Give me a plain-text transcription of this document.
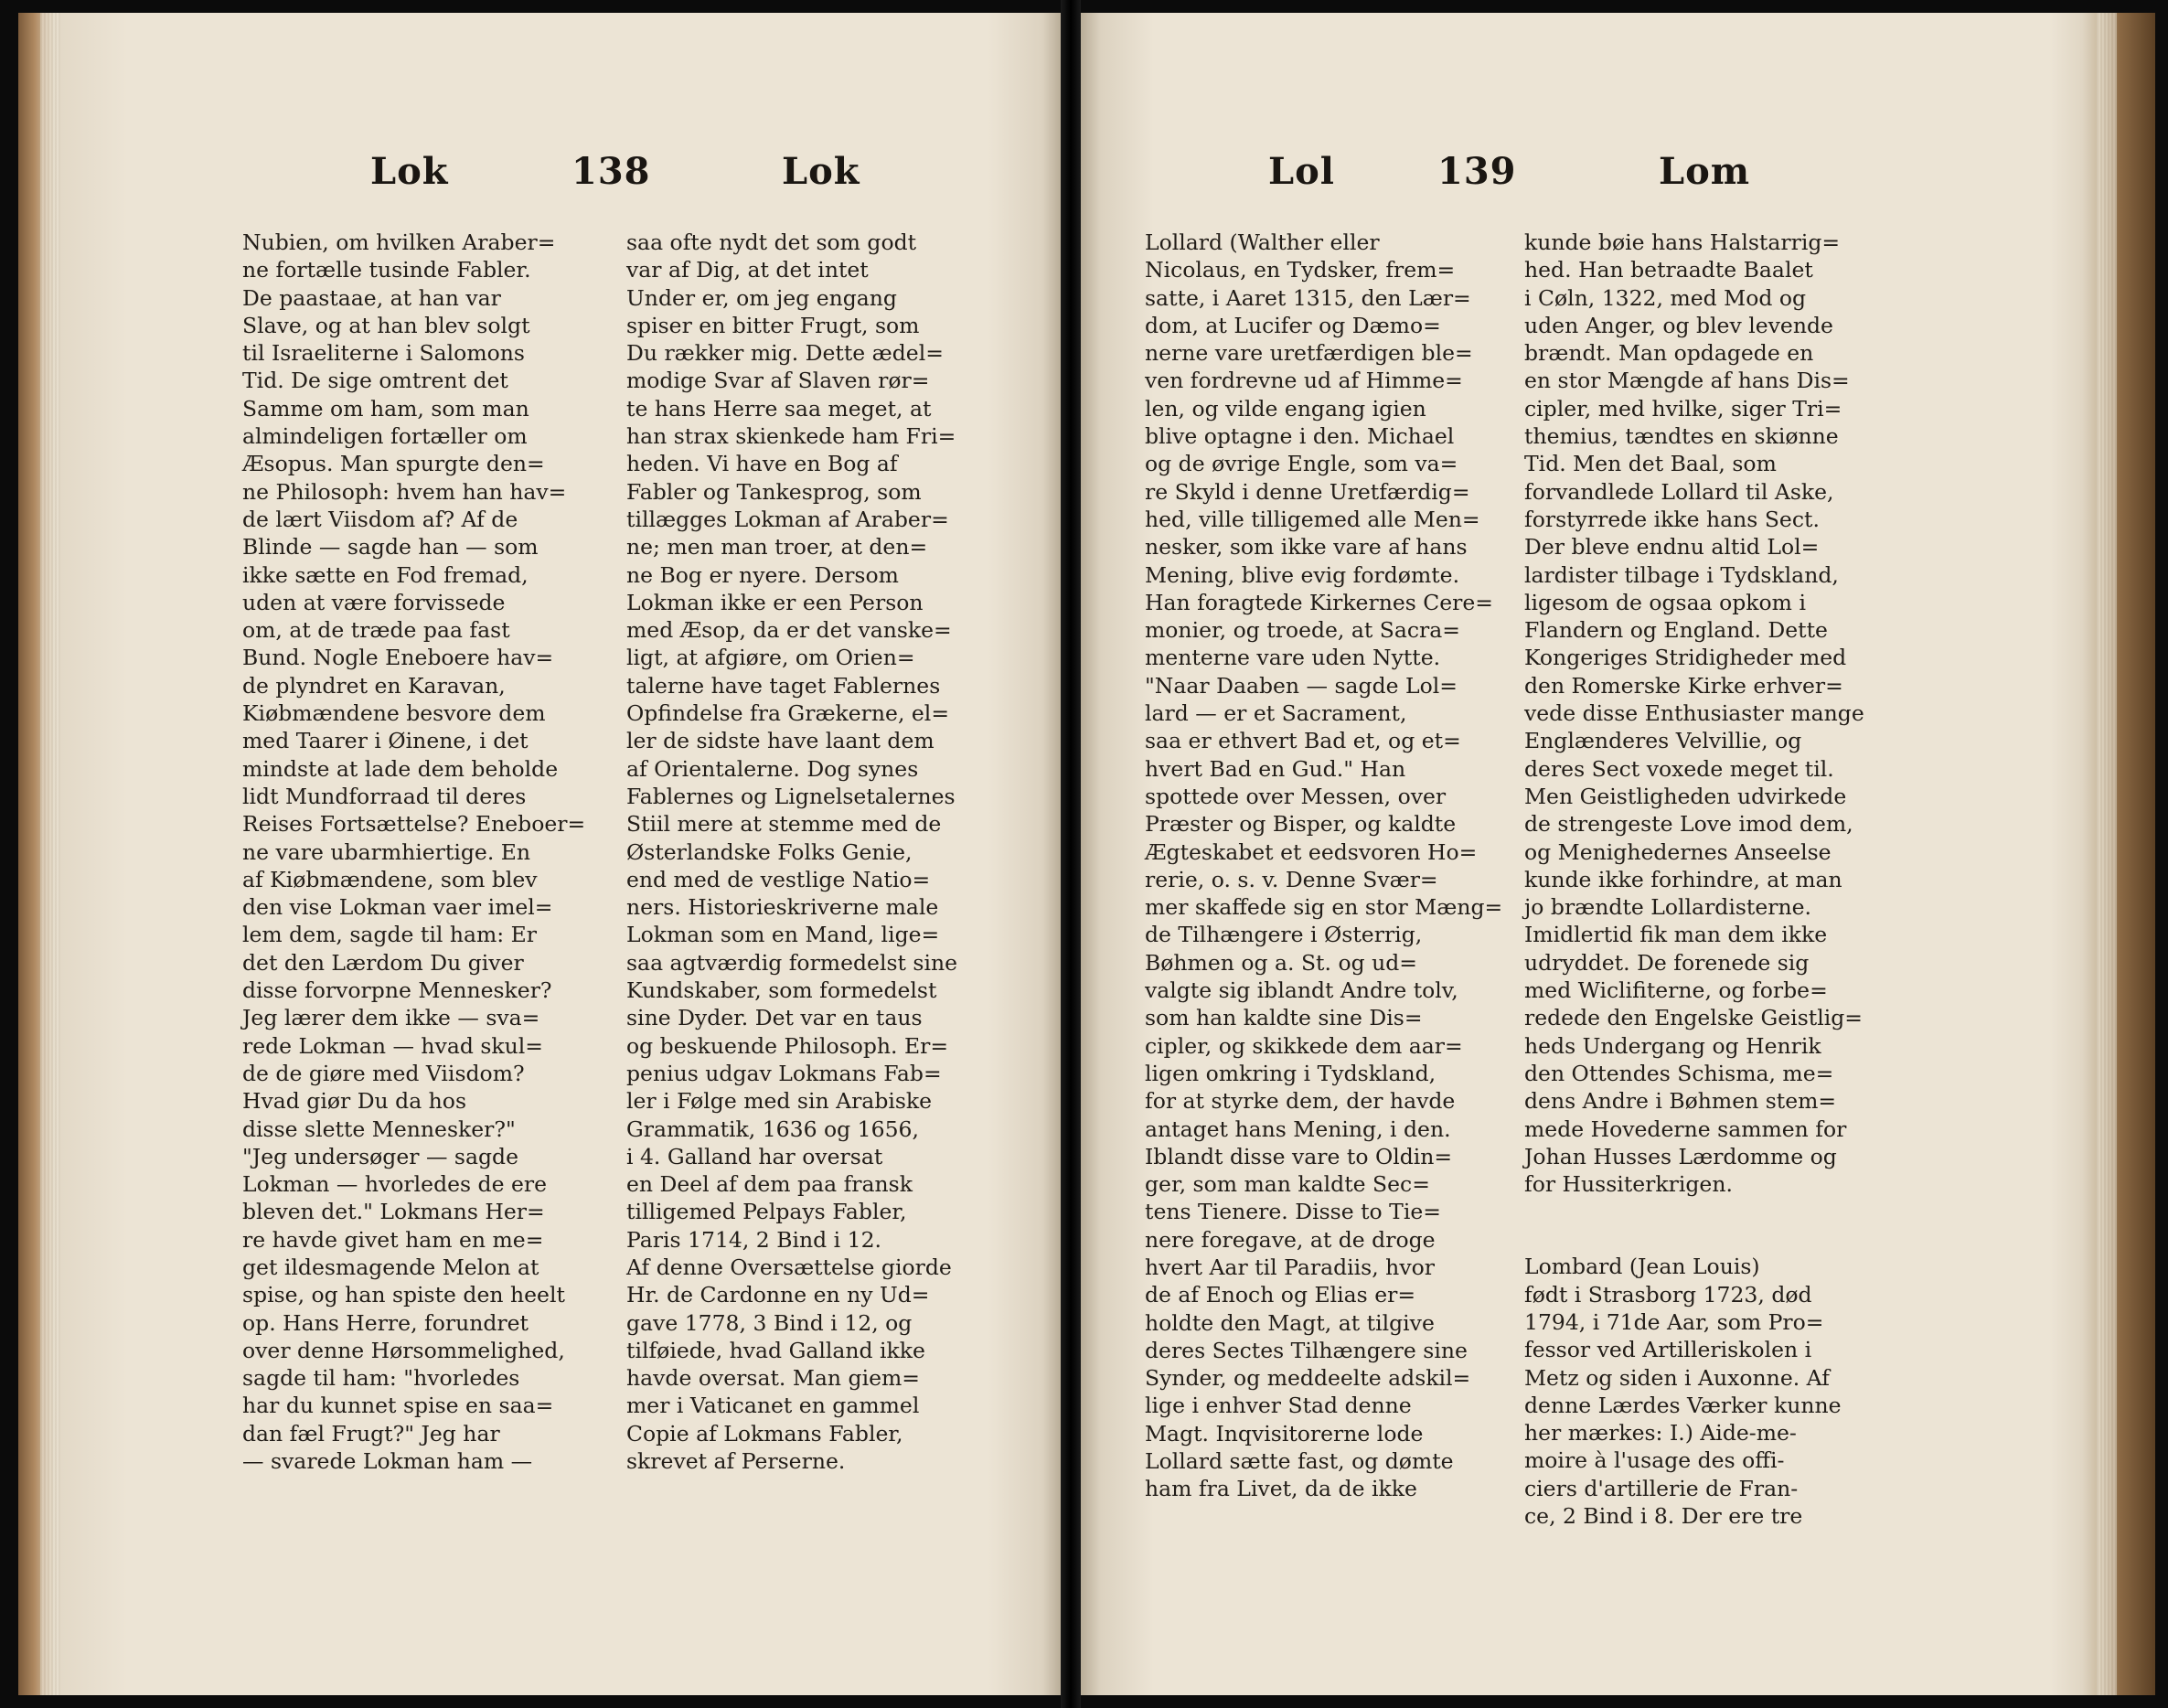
Lok	138	Lok
Nubien, om hvilken Araber=
ne fortælle tusinde Fabler.
De paastaae, at han var
Slave, og at han blev solgt
til Israeliterne i Salomons
Tid. De sige omtrent det
Samme om ham, som man
almindeligen fortæller om
Æsopus. Man spurgte den=
ne Philosoph: hvem han hav=
de lært Viisdom af? Af de
Blinde — sagde han — som
ikke sætte en Fod fremad,
uden at være forvissede
om, at de træde paa fast
Bund. Nogle Eneboere hav=
de plyndret en Karavan,
Kiøbmændene besvore dem
med Taarer i Øinene, i det
mindste at lade dem beholde
lidt Mundforraad til deres
Reises Fortsættelse? Eneboer=
ne vare ubarmhiertige. En
af Kiøbmændene, som blev
den vise Lokman vaer imel=
lem dem, sagde til ham: Er
det den Lærdom Du giver
disse forvorpne Mennesker?
Jeg lærer dem ikke — sva=
rede Lokman — hvad skul=
de de giøre med Viisdom?
Hvad giør Du da hos
disse slette Mennesker?"
"Jeg undersøger — sagde
Lokman — hvorledes de ere
bleven det." Lokmans Her=
re havde givet ham en me=
get ildesmagende Melon at
spise, og han spiste den heelt
op. Hans Herre, forundret
over denne Hørsommelighed,
sagde til ham: "hvorledes
har du kunnet spise en saa=
dan fæl Frugt?" Jeg har
— svarede Lokman ham —
saa ofte nydt det som godt
var af Dig, at det intet
Under er, om jeg engang
spiser en bitter Frugt, som
Du rækker mig. Dette ædel=
modige Svar af Slaven rør=
te hans Herre saa meget, at
han strax skienkede ham Fri=
heden. Vi have en Bog af
Fabler og Tankesprog, som
tillægges Lokman af Araber=
ne; men man troer, at den=
ne Bog er nyere. Dersom
Lokman ikke er een Person
med Æsop, da er det vanske=
ligt, at afgiøre, om Orien=
talerne have taget Fablernes
Opfindelse fra Grækerne, el=
ler de sidste have laant dem
af Orientalerne. Dog synes
Fablernes og Lignelsetalernes
Stiil mere at stemme med de
Østerlandske Folks Genie,
end med de vestlige Natio=
ners. Historieskriverne male
Lokman som en Mand, lige=
saa agtværdig formedelst sine
Kundskaber, som formedelst
sine Dyder. Det var en taus
og beskuende Philosoph. Er=
penius udgav Lokmans Fab=
ler i Følge med sin Arabiske
Grammatik, 1636 og 1656,
i 4. Galland har oversat
en Deel af dem paa fransk
tilligemed Pelpays Fabler,
Paris 1714, 2 Bind i 12.
Af denne Oversættelse giorde
Hr. de Cardonne en ny Ud=
gave 1778, 3 Bind i 12, og
tilføiede, hvad Galland ikke
havde oversat. Man giem=
mer i Vaticanet en gammel
Copie af Lokmans Fabler,
skrevet af Perserne.
Lol	139	Lom
Lollard (Walther eller
Nicolaus, en Tydsker, frem=
satte, i Aaret 1315, den Lær=
dom, at Lucifer og Dæmo=
nerne vare uretfærdigen ble=
ven fordrevne ud af Himme=
len, og vilde engang igien
blive optagne i den. Michael
og de øvrige Engle, som va=
re Skyld i denne Uretfærdig=
hed, ville tilligemed alle Men=
nesker, som ikke vare af hans
Mening, blive evig fordømte.
Han foragtede Kirkernes Cere=
monier, og troede, at Sacra=
menterne vare uden Nytte.
"Naar Daaben — sagde Lol=
lard — er et Sacrament,
saa er ethvert Bad et, og et=
hvert Bad en Gud." Han
spottede over Messen, over
Præster og Bisper, og kaldte
Ægteskabet et eedsvoren Ho=
rerie, o. s. v. Denne Svær=
mer skaffede sig en stor Mæng=
de Tilhængere i Østerrig,
Bøhmen og a. St. og ud=
valgte sig iblandt Andre tolv,
som han kaldte sine Dis=
cipler, og skikkede dem aar=
ligen omkring i Tydskland,
for at styrke dem, der havde
antaget hans Mening, i den.
Iblandt disse vare to Oldin=
ger, som man kaldte Sec=
tens Tienere. Disse to Tie=
nere foregave, at de droge
hvert Aar til Paradiis, hvor
de af Enoch og Elias er=
holdte den Magt, at tilgive
deres Sectes Tilhængere sine
Synder, og meddeelte adskil=
lige i enhver Stad denne
Magt. Inqvisitorerne lode
Lollard sætte fast, og dømte
ham fra Livet, da de ikke
kunde bøie hans Halstarrig=
hed. Han betraadte Baalet
i Cøln, 1322, med Mod og
uden Anger, og blev levende
brændt. Man opdagede en
en stor Mængde af hans Dis=
cipler, med hvilke, siger Tri=
themius, tændtes en skiønne
Tid. Men det Baal, som
forvandlede Lollard til Aske,
forstyrrede ikke hans Sect.
Der bleve endnu altid Lol=
lardister tilbage i Tydskland,
ligesom de ogsaa opkom i
Flandern og England. Dette
Kongeriges Stridigheder med
den Romerske Kirke erhver=
vede disse Enthusiaster mange
Englænderes Velvillie, og
deres Sect voxede meget til.
Men Geistligheden udvirkede
de strengeste Love imod dem,
og Menighedernes Anseelse
kunde ikke forhindre, at man
jo brændte Lollardisterne.
Imidlertid fik man dem ikke
udryddet. De forenede sig
med Wiclifiterne, og forbe=
redede den Engelske Geistlig=
heds Undergang og Henrik
den Ottendes Schisma, me=
dens Andre i Bøhmen stem=
mede Hovederne sammen for
Johan Husses Lærdomme og
for Hussiterkrigen.
Lombard (Jean Louis)
født i Strasborg 1723, død
1794, i 71de Aar, som Pro=
fessor ved Artilleriskolen i
Metz og siden i Auxonne. Af
denne Lærdes Værker kunne
her mærkes: I.) Aide-me-
moire à l'usage des offi-
ciers d'artillerie de Fran-
ce, 2 Bind i 8. Der ere tre
